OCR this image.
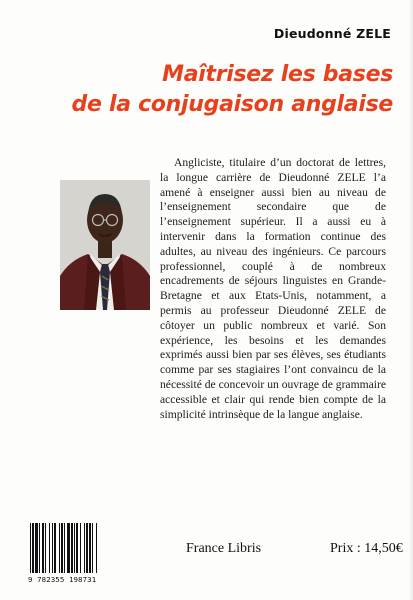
Dieudonné ZELE
Maîtrisez les bases
de la conjugaison anglaise

Angliciste, titulaire d’un doctorat de lettres, la longue carrière de Dieudonné ZELE l’a amené à enseigner aussi bien au niveau de l’enseignement secondaire que de l’enseignement supérieur. Il a aussi eu à intervenir dans la formation continue des adultes, au niveau des ingénieurs. Ce parcours professionnel, couplé à de nombreux encadrements de séjours linguistes en Grande-Bretagne et aux Etats-Unis, notamment, a permis au professeur Dieudonné ZELE de côtoyer un public nombreux et varié. Son expérience, les besoins et les demandes exprimés aussi bien par ses élèves, ses étudiants comme par ses stagiaires l’ont convaincu de la nécessité de concevoir un ouvrage de grammaire accessible et clair qui rende bien compte de la simplicité intrinsèque de la langue anglaise.

9 782355 198731
France Libris	Prix : 14,50€
